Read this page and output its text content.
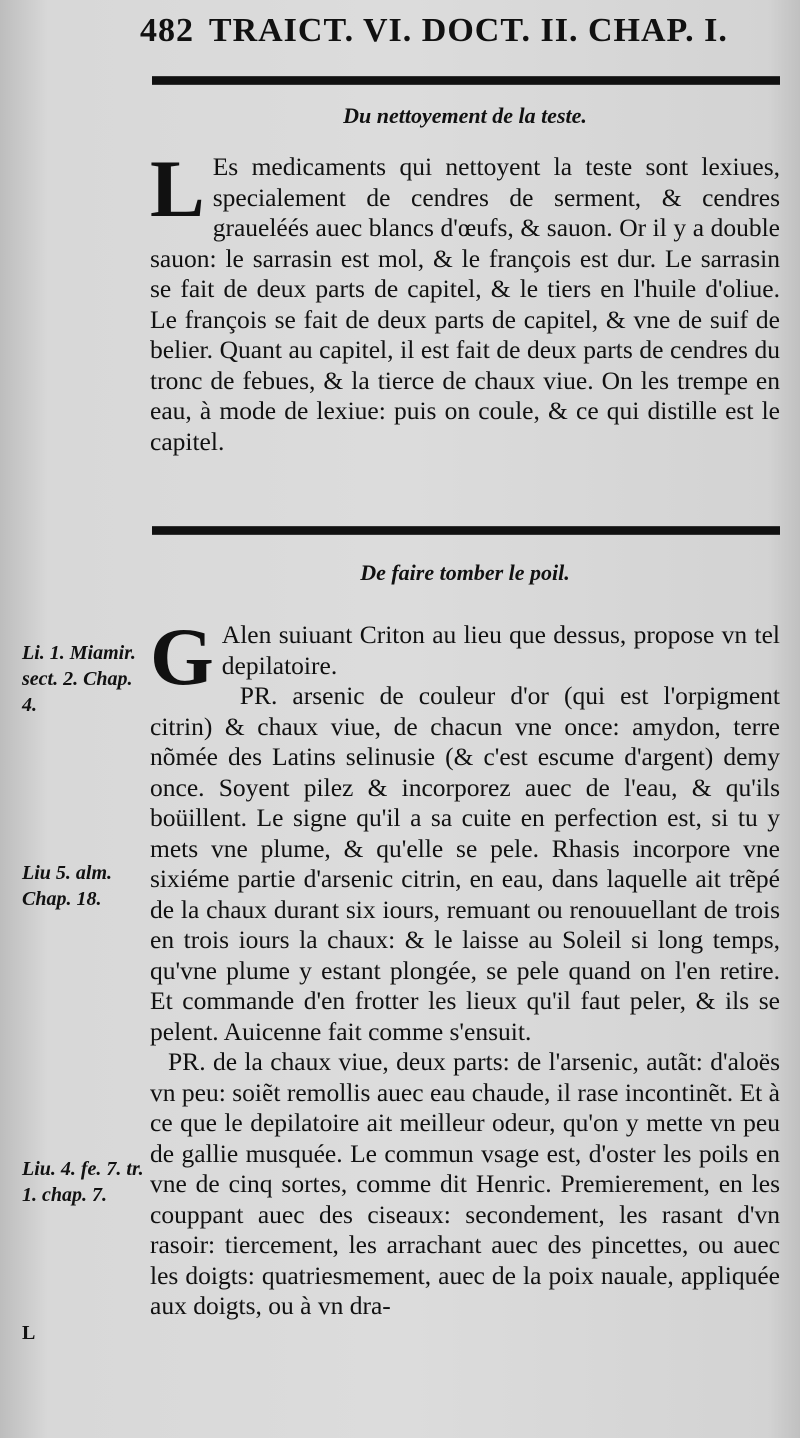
482 TRAICT. VI. DOCT. II. CHAP. I.
Du nettoyement de la teste.

L Es medicaments qui nettoyent la teste sont lexiues, specialement de cendres de serment, & cendres graueléés auec blancs d'œufs, & sauon. Or il y a double sauon: le sarrasin est mol, & le françois est dur. Le sarrasin se fait de deux parts de capitel, & le tiers en l'huile d'oliue. Le françois se fait de deux parts de capitel, & vne de suif de belier. Quant au capitel, il est fait de deux parts de cendres du tronc de febues, & la tierce de chaux viue. On les trempe en eau, à mode de lexiue: puis on coule, & ce qui distille est le capitel.

De faire tomber le poil.
Li. 1. Miamir. sect. 2. Chap. 4.
Liu 5. alm. Chap. 18.
Liu. 4. fe. 7. tr. 1. chap. 7.
L

G Alen suiuant Criton au lieu que dessus, propose vn tel depilatoire.

PR. arsenic de couleur d'or (qui est l'orpigment citrin) & chaux viue, de chacun vne once: amydon, terre nõmée des Latins selinusie (& c'est escume d'argent) demy once. Soyent pilez & incorporez auec de l'eau, & qu'ils boüillent. Le signe qu'il a sa cuite en perfection est, si tu y mets vne plume, & qu'elle se pele. Rhasis incorpore vne sixiéme partie d'arsenic citrin, en eau, dans laquelle ait trẽpé de la chaux durant six iours, remuant ou renouuellant de trois en trois iours la chaux: & le laisse au Soleil si long temps, qu'vne plume y estant plongée, se pele quand on l'en retire. Et commande d'en frotter les lieux qu'il faut peler, & ils se pelent. Auicenne fait comme s'ensuit.

PR. de la chaux viue, deux parts: de l'arsenic, autãt: d'aloës vn peu: soiẽt remollis auec eau chaude, il rase incontinẽt. Et à ce que le depilatoire ait meilleur odeur, qu'on y mette vn peu de gallie musquée. Le commun vsage est, d'oster les poils en vne de cinq sortes, comme dit Henric. Premierement, en les couppant auec des ciseaux: secondement, les rasant d'vn rasoir: tiercement, les arrachant auec des pincettes, ou auec les doigts: quatriesmement, auec de la poix nauale, appliquée aux doigts, ou à vn dra-
